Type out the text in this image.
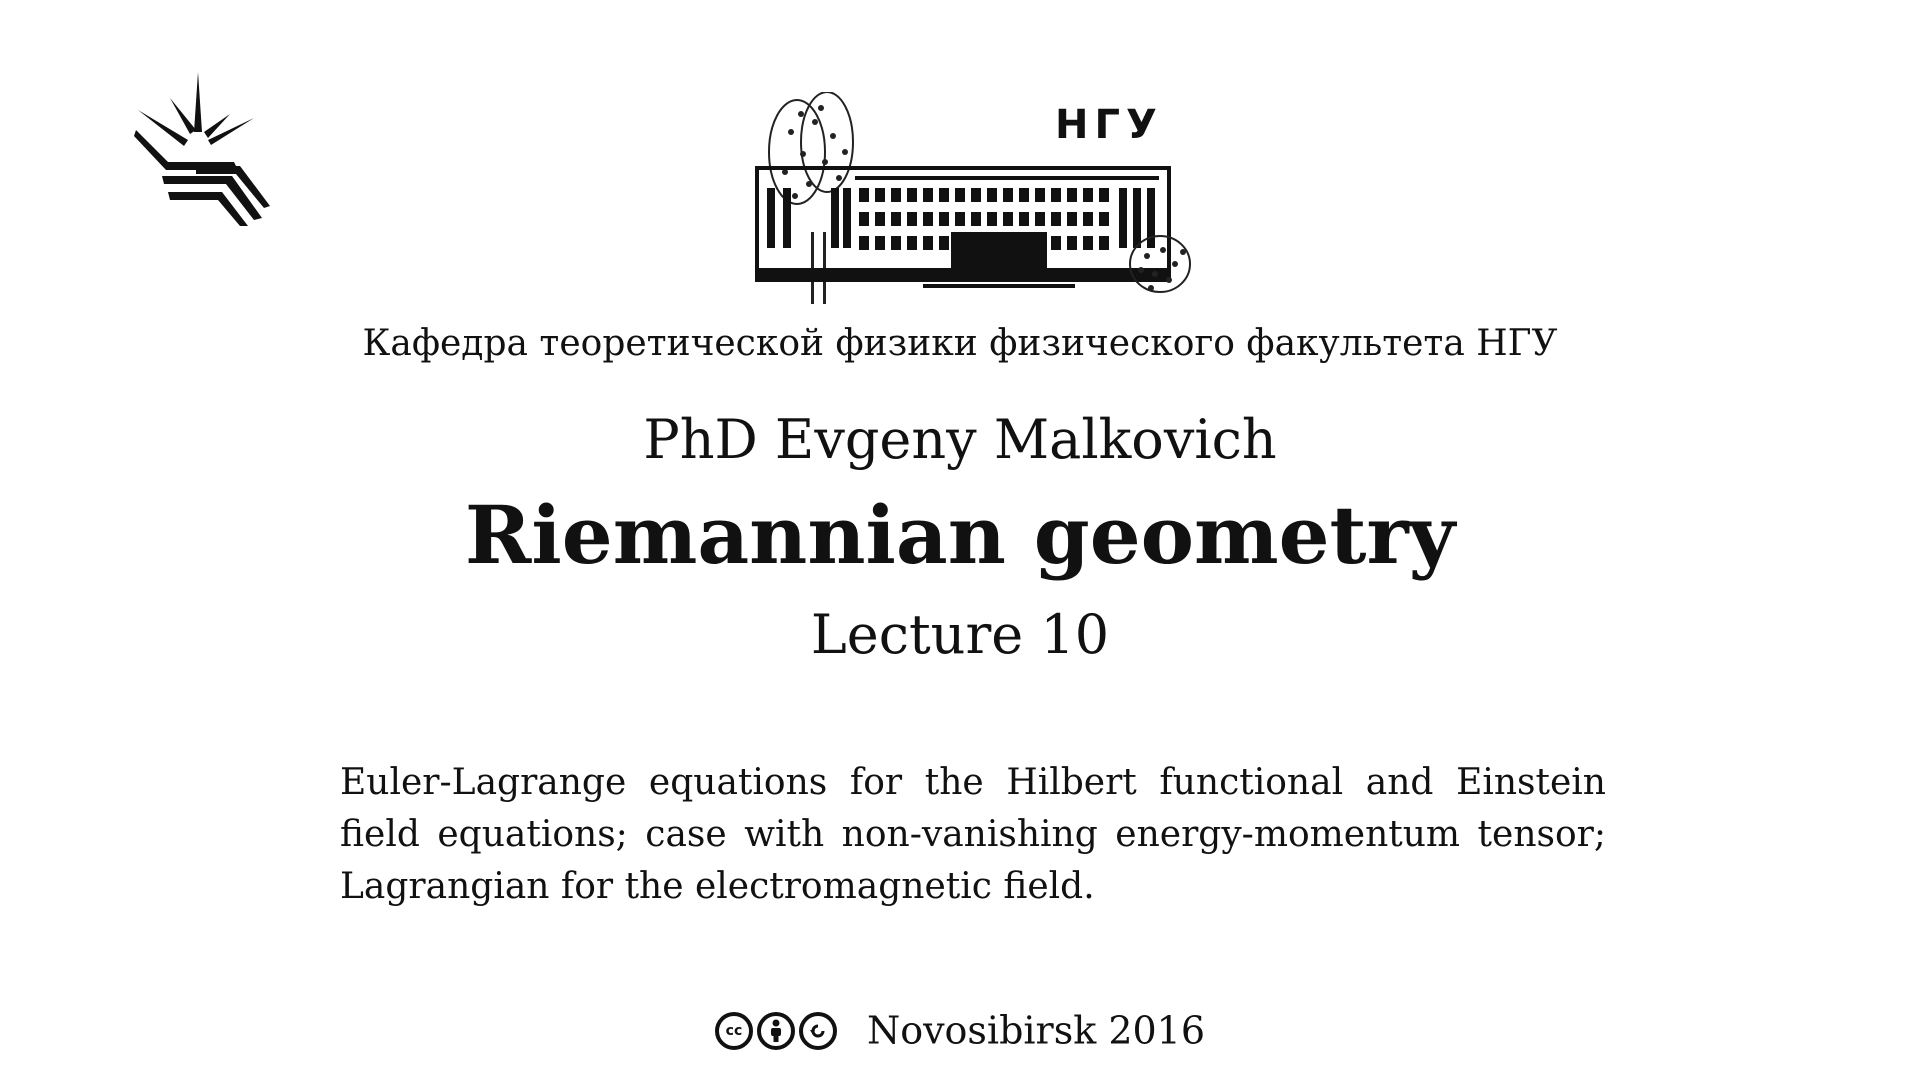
НГУ
Кафедра теоретической физики физического факультета НГУ
PhD Evgeny Malkovich
Riemannian geometry
Lecture 10
Euler-Lagrange equations for the Hilbert functional and Einstein field equations; case with non-vanishing energy-momentum tensor; Lagrangian for the electromagnetic field.
cc	Novosibirsk 2016
